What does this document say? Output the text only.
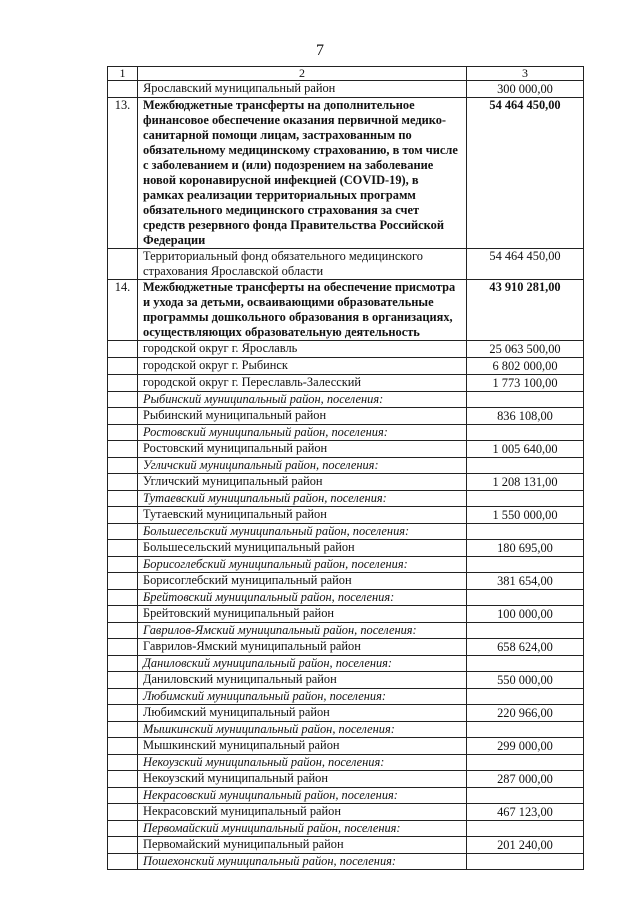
7
1	2	3
	Ярославский муниципальный район	300 000,00
13.	Межбюджетные трансферты на дополнительное финансовое обеспечение оказания первичной медико-санитарной помощи лицам, застрахованным по обязательному медицинскому страхованию, в том числе с заболеванием и (или) подозрением на заболевание новой коронавирусной инфекцией (COVID-19), в рамках реализации территориальных программ обязательного медицинского страхования за счет средств резервного фонда Правительства Российской Федерации	54 464 450,00
	Территориальный фонд обязательного медицинского страхования Ярославской области	54 464 450,00
14.	Межбюджетные трансферты на обеспечение присмотра и ухода за детьми, осваивающими образовательные программы дошкольного образования в организациях, осуществляющих образовательную деятельность	43 910 281,00
	городской округ г. Ярославль	25 063 500,00
	городской округ г. Рыбинск	6 802 000,00
	городской округ г. Переславль-Залесский	1 773 100,00
	Рыбинский муниципальный район, поселения:	
	Рыбинский муниципальный район	836 108,00
	Ростовский муниципальный район, поселения:	
	Ростовский муниципальный район	1 005 640,00
	Угличский муниципальный район, поселения:	
	Угличский муниципальный район	1 208 131,00
	Тутаевский муниципальный район, поселения:	
	Тутаевский муниципальный район	1 550 000,00
	Большесельский муниципальный район, поселения:	
	Большесельский муниципальный район	180 695,00
	Борисоглебский муниципальный район, поселения:	
	Борисоглебский муниципальный район	381 654,00
	Брейтовский муниципальный район, поселения:	
	Брейтовский муниципальный район	100 000,00
	Гаврилов-Ямский муниципальный район, поселения:	
	Гаврилов-Ямский муниципальный район	658 624,00
	Даниловский муниципальный район, поселения:	
	Даниловский муниципальный район	550 000,00
	Любимский муниципальный район, поселения:	
	Любимский муниципальный район	220 966,00
	Мышкинский муниципальный район, поселения:	
	Мышкинский муниципальный район	299 000,00
	Некоузский муниципальный район, поселения:	
	Некоузский муниципальный район	287 000,00
	Некрасовский муниципальный район, поселения:	
	Некрасовский муниципальный район	467 123,00
	Первомайский муниципальный район, поселения:	
	Первомайский муниципальный район	201 240,00
	Пошехонский муниципальный район, поселения:	
